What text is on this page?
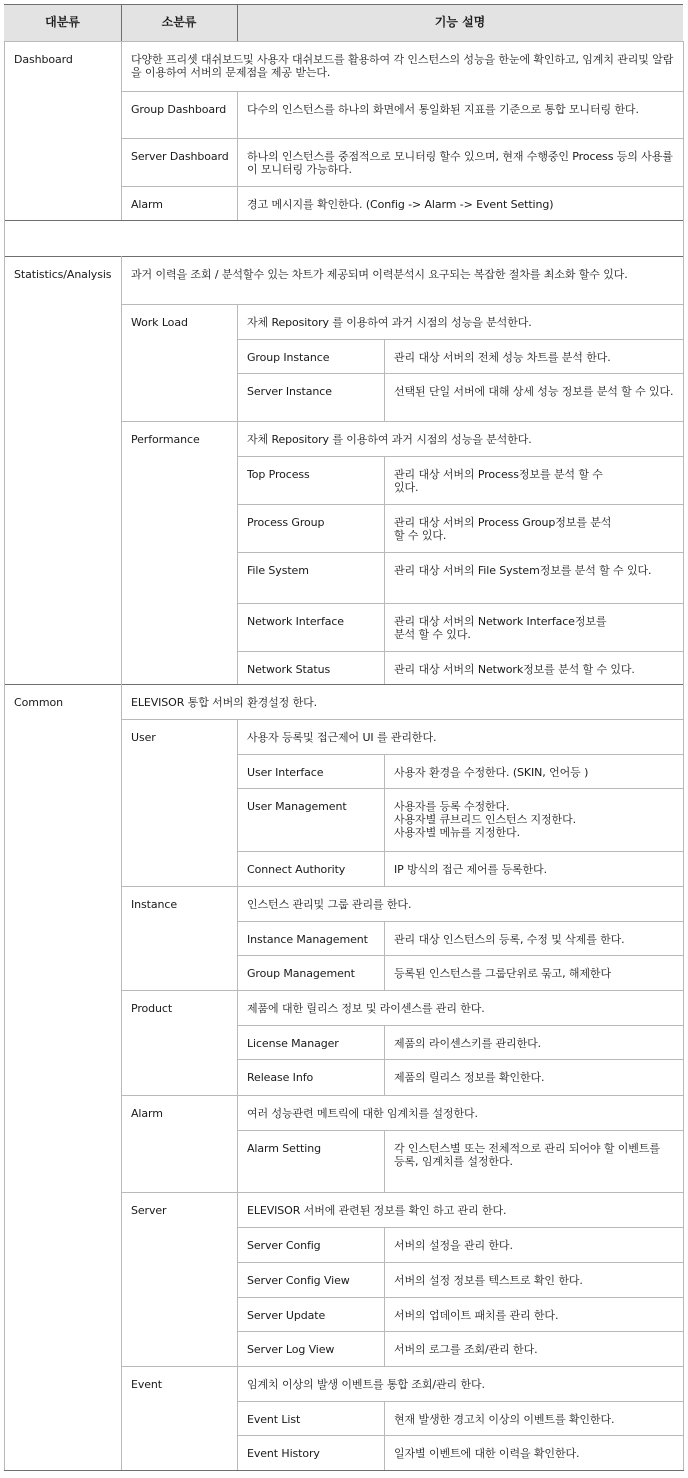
대분류	소분류	기능 설명
Dashboard	다양한 프리셋 대쉬보드및 사용자 대쉬보드를 활용하여 각 인스턴스의 성능을 한눈에 확인하고, 임계치 관리및 알람을 이용하여 서버의 문제점을 제공 받는다.
Group Dashboard	다수의 인스턴스를 하나의 화면에서 통일화된 지표를 기준으로 통합 모니터링 한다.
Server Dashboard	하나의 인스턴스를 중점적으로 모니터링 할수 있으며, 현재 수행중인 Process 등의 사용률이 모니터링 가능하다.
Alarm	경고 메시지를 확인한다. (Config -> Alarm -> Event Setting)
Statistics/Analysis	과거 이력을 조회 / 분석할수 있는 차트가 제공되며 이력분석시 요구되는 복잡한 절차를 최소화 할수 있다.
Work Load	자체 Repository 를 이용하여 과거 시점의 성능을 분석한다.
Group Instance	관리 대상 서버의 전체 성능 차트를 분석 한다.
Server Instance	선택된 단일 서버에 대해 상세 성능 정보를 분석 할 수 있다.
Performance	자체 Repository 를 이용하여 과거 시점의 성능을 분석한다.
Top Process	관리 대상 서버의 Process정보를 분석 할 수
있다.
Process Group	관리 대상 서버의 Process Group정보를 분석
할 수 있다.
File System	관리 대상 서버의 File System정보를 분석 할 수 있다.
Network Interface	관리 대상 서버의 Network Interface정보를
분석 할 수 있다.
Network Status	관리 대상 서버의 Network정보를 분석 할 수 있다.
Common	ELEVISOR 통합 서버의 환경설정 한다.
User	사용자 등록및 접근제어 UI 를 관리한다.
User Interface	사용자 환경을 수정한다. (SKIN, 언어등 )
User Management	사용자를 등록 수정한다.
사용자별 큐브리드 인스턴스 지정한다.
사용자별 메뉴를 지정한다.
Connect Authority	IP 방식의 접근 제어를 등록한다.
Instance	인스턴스 관리및 그룹 관리를 한다.
Instance Management	관리 대상 인스턴스의 등록, 수정 및 삭제를 한다.
Group Management	등록된 인스턴스를 그룹단위로 묶고, 해제한다
Product	제품에 대한 릴리스 정보 및 라이센스를 관리 한다.
License Manager	제품의 라이센스키를 관리한다.
Release Info	제품의 릴리스 정보를 확인한다.
Alarm	여러 성능관련 메트릭에 대한 임계치를 설정한다.
Alarm Setting	각 인스턴스별 또는 전체적으로 관리 되어야 할 이벤트를
등록, 임계치를 설정한다.
Server	ELEVISOR 서버에 관련된 정보를 확인 하고 관리 한다.
Server Config	서버의 설정을 관리 한다.
Server Config View	서버의 설정 정보를 텍스트로 확인 한다.
Server Update	서버의 업데이트 패치를 관리 한다.
Server Log View	서버의 로그를 조회/관리 한다.
Event	임계치 이상의 발생 이벤트를 통합 조회/관리 한다.
Event List	현재 발생한 경고치 이상의 이벤트를 확인한다.
Event History	일자별 이벤트에 대한 이력을 확인한다.
